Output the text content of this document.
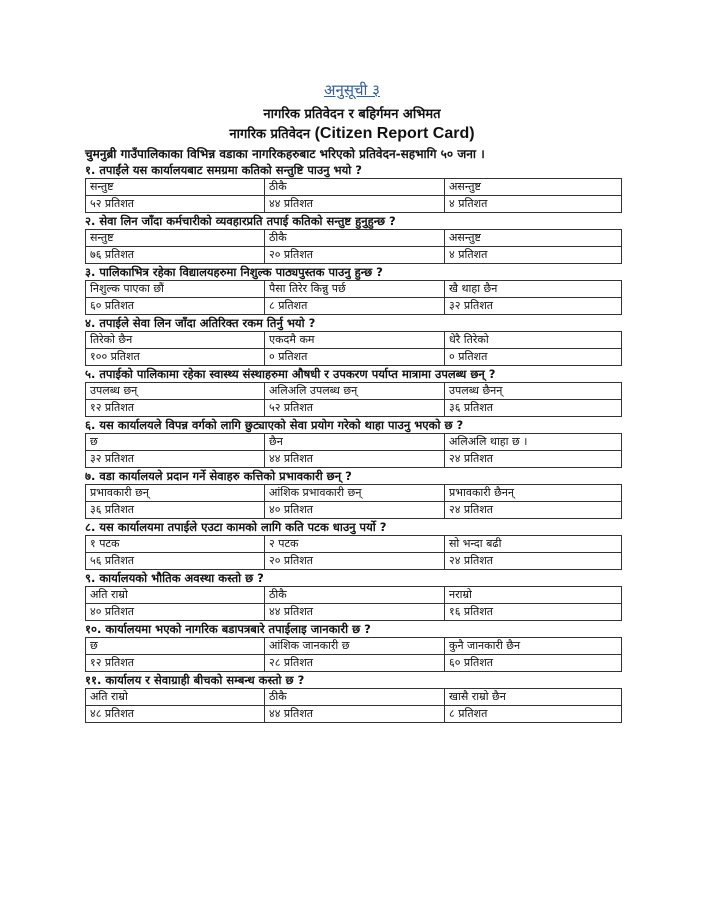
अनुसूची ३
नागरिक प्रतिवेदन र बहिर्गमन अभिमत
नागरिक प्रतिवेदन (Citizen Report Card)
चुमनुब्री गाउँपालिकाका विभिन्न वडाका नागरिकहरुबाट भरिएको प्रतिवेदन-सहभागि ५० जना ।
१. तपाईंले यस कार्यालयबाट समग्रमा कतिको सन्तुष्टि पाउनु भयो ?
सन्तुष्ट	ठीकै	असन्तुष्ट
५२ प्रतिशत	४४ प्रतिशत	४ प्रतिशत
२. सेवा लिन जाँदा कर्मचारीको व्यवहारप्रति तपाई कतिको सन्तुष्ट हुनुहुन्छ ?
सन्तुष्ट	ठीकै	असन्तुष्ट
७६ प्रतिशत	२० प्रतिशत	४ प्रतिशत
३. पालिकाभित्र रहेका विद्यालयहरुमा निशुल्क पाठ्यपुस्तक पाउनु हुन्छ ?
निशुल्क पाएका छौं	पैसा तिरेर किन्नु पर्छ	खै थाहा छैन
६० प्रतिशत	८ प्रतिशत	३२ प्रतिशत
४. तपाईले सेवा लिन जाँदा अतिरिक्त रकम तिर्नु भयो ?
तिरेको छैन	एकदमै कम	धेरै तिरेको
१०० प्रतिशत	० प्रतिशत	० प्रतिशत
५. तपाईको पालिकामा रहेका स्वास्थ्य संस्थाहरुमा औषधी र उपकरण पर्याप्त मात्रामा उपलब्ध छन् ?
उपलब्ध छन्	अलिअलि उपलब्ध छन्	उपलब्ध छैनन्
१२ प्रतिशत	५२ प्रतिशत	३६ प्रतिशत
६. यस कार्यालयले विपन्न वर्गको लागि छुट्याएको सेवा प्रयोग गरेको थाहा पाउनु भएको छ ?
छ	छैन	अलिअलि थाहा छ ।
३२ प्रतिशत	४४ प्रतिशत	२४ प्रतिशत
७. वडा कार्यालयले प्रदान गर्ने सेवाहरु कत्तिको प्रभावकारी छन् ?
प्रभावकारी छन्	आंशिक प्रभावकारी छन्	प्रभावकारी छैनन्
३६ प्रतिशत	४० प्रतिशत	२४ प्रतिशत
८. यस कार्यालयमा तपाईले एउटा कामको लागि कति पटक धाउनु पर्यो ?
१ पटक	२ पटक	सो भन्दा बढी
५६ प्रतिशत	२० प्रतिशत	२४ प्रतिशत
९. कार्यालयको भौतिक अवस्था कस्तो छ ?
अति राम्रो	ठीकै	नराम्रो
४० प्रतिशत	४४ प्रतिशत	१६ प्रतिशत
१०. कार्यालयमा भएको नागरिक बडापत्रबारे तपाईलाइ जानकारी छ ?
छ	आंशिक जानकारी छ	कुनै जानकारी छैन
१२ प्रतिशत	२८ प्रतिशत	६० प्रतिशत
११. कार्यालय र सेवाग्राही बीचको सम्बन्ध कस्तो छ ?
अति राम्रो	ठीकै	खासै राम्रो छैन
४८ प्रतिशत	४४ प्रतिशत	८ प्रतिशत
